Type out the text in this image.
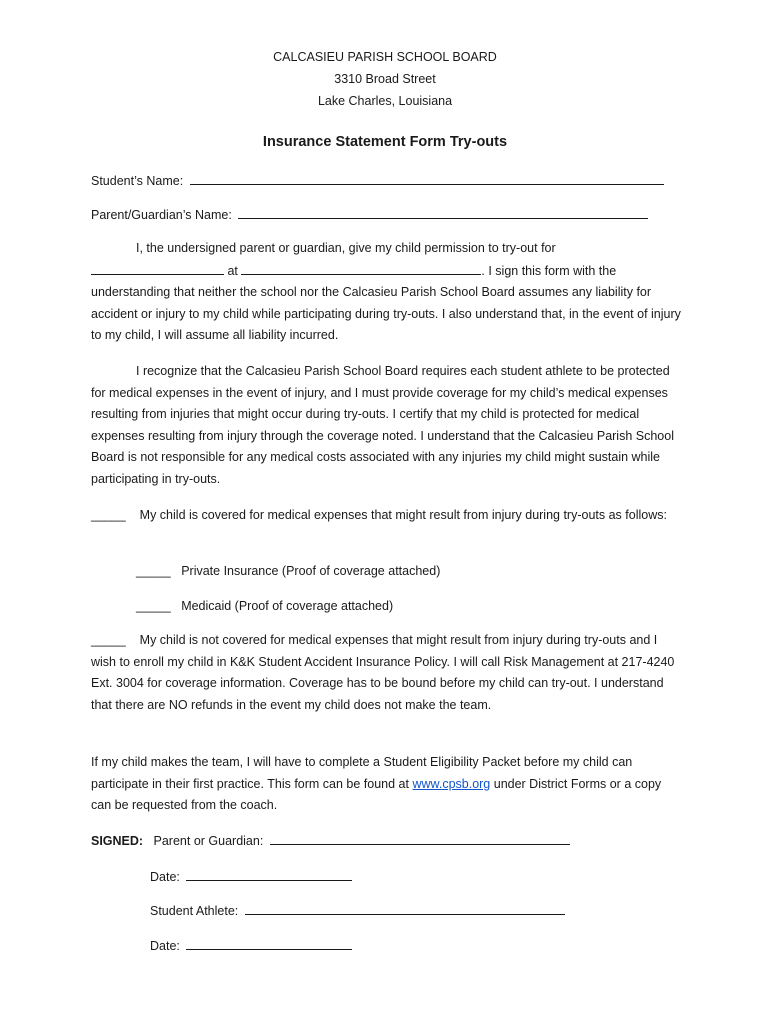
CALCASIEU PARISH SCHOOL BOARD
3310 Broad Street
Lake Charles, Louisiana
Insurance Statement Form Try-outs
Student’s Name:
Parent/Guardian’s Name:

I, the undersigned parent or guardian, give my child permission to try-out for

at	. I sign this form with the

understanding that neither the school nor the Calcasieu Parish School Board assumes any liability for accident or injury to my child while participating during try-outs. I also understand that, in the event of injury to my child, I will assume all liability incurred.

I recognize that the Calcasieu Parish School Board requires each student athlete to be protected for medical expenses in the event of injury, and I must provide coverage for my child’s medical expenses resulting from injuries that might occur during try-outs. I certify that my child is protected for medical expenses resulting from injury through the coverage noted. I understand that the Calcasieu Parish School Board is not responsible for any medical costs associated with any injuries my child might sustain while participating in try-outs.

_____ My child is covered for medical expenses that might result from injury during try-outs as follows:

_____ Private Insurance (Proof of coverage attached)
_____ Medicaid (Proof of coverage attached)

_____ My child is not covered for medical expenses that might result from injury during try-outs and I wish to enroll my child in K&K Student Accident Insurance Policy. I will call Risk Management at 217-4240 Ext. 3004 for coverage information. Coverage has to be bound before my child can try-out. I understand that there are NO refunds in the event my child does not make the team.

If my child makes the team, I will have to complete a Student Eligibility Packet before my child can participate in their first practice. This form can be found at www.cpsb.org under District Forms or a copy can be requested from the coach.

SIGNED: Parent or Guardian:
Date:
Student Athlete:
Date:
